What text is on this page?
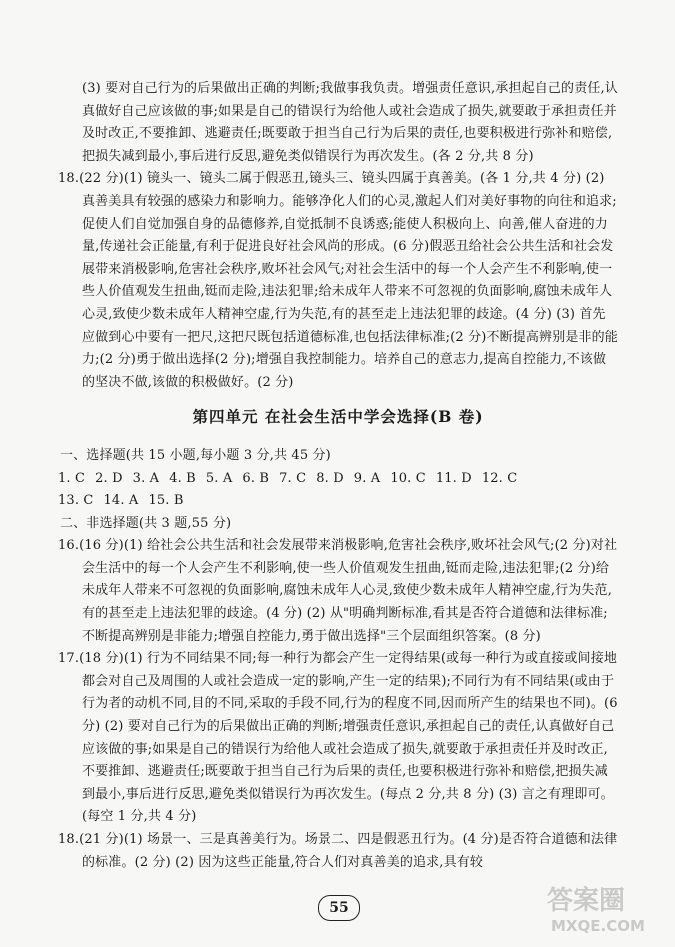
(3) 要对自己行为的后果做出正确的判断;我做事我负责。增强责任意识,承担起自己的责任,认真做好自己应该做的事;如果是自己的错误行为给他人或社会造成了损失,就要敢于承担责任并及时改正,不要推卸、逃避责任;既要敢于担当自己行为后果的责任,也要积极进行弥补和赔偿,把损失减到最小,事后进行反思,避免类似错误行为再次发生。(各 2 分,共 8 分)

18.(22 分)(1) 镜头一、镜头二属于假恶丑,镜头三、镜头四属于真善美。(各 1 分,共 4 分) (2) 真善美具有较强的感染力和影响力。能够净化人们的心灵,激起人们对美好事物的向往和追求;促使人们自觉加强自身的品德修养,自觉抵制不良诱惑;能使人积极向上、向善,催人奋进的力量,传递社会正能量,有利于促进良好社会风尚的形成。(6 分)假恶丑给社会公共生活和社会发展带来消极影响,危害社会秩序,败坏社会风气;对社会生活中的每一个人会产生不利影响,使一些人价值观发生扭曲,铤而走险,违法犯罪;给未成年人带来不可忽视的负面影响,腐蚀未成年人心灵,致使少数未成年人精神空虚,行为失范,有的甚至走上违法犯罪的歧途。(4 分) (3) 首先应做到心中要有一把尺,这把尺既包括道德标准,也包括法律标准;(2 分)不断提高辨别是非的能力;(2 分)勇于做出选择(2 分);增强自我控制能力。培养自己的意志力,提高自控能力,不该做的坚决不做,该做的积极做好。(2 分)

第四单元 在社会生活中学会选择(B 卷)

一、选择题(共 15 小题,每小题 3 分,共 45 分)

1. C 2. D 3. A 4. B 5. A 6. B 7. C 8. D 9. A 10. C 11. D 12. C

13. C 14. A 15. B

二、非选择题(共 3 题,55 分)

16.(16 分)(1) 给社会公共生活和社会发展带来消极影响,危害社会秩序,败坏社会风气;(2 分)对社会生活中的每一个人会产生不利影响,使一些人价值观发生扭曲,铤而走险,违法犯罪;(2 分)给未成年人带来不可忽视的负面影响,腐蚀未成年人心灵,致使少数未成年人精神空虚,行为失范,有的甚至走上违法犯罪的歧途。(4 分) (2) 从"明确判断标准,看其是否符合道德和法律标准;不断提高辨别是非能力;增强自控能力,勇于做出选择"三个层面组织答案。(8 分)

17.(18 分)(1) 行为不同结果不同;每一种行为都会产生一定得结果(或每一种行为或直接或间接地都会对自己及周围的人或社会造成一定的影响,产生一定的结果);不同行为有不同结果(或由于行为者的动机不同,目的不同,采取的手段不同,行为的程度不同,因而所产生的结果也不同)。(6 分) (2) 要对自己行为的后果做出正确的判断;增强责任意识,承担起自己的责任,认真做好自己应该做的事;如果是自己的错误行为给他人或社会造成了损失,就要敢于承担责任并及时改正,不要推卸、逃避责任;既要敢于担当自己行为后果的责任,也要积极进行弥补和赔偿,把损失减到最小,事后进行反思,避免类似错误行为再次发生。(每点 2 分,共 8 分) (3) 言之有理即可。(每空 1 分,共 4 分)

18.(21 分)(1) 场景一、三是真善美行为。场景二、四是假恶丑行为。(4 分)是否符合道德和法律的标准。(2 分) (2) 因为这些正能量,符合人们对真善美的追求,具有较

55	答案圈
MXQE.COM
